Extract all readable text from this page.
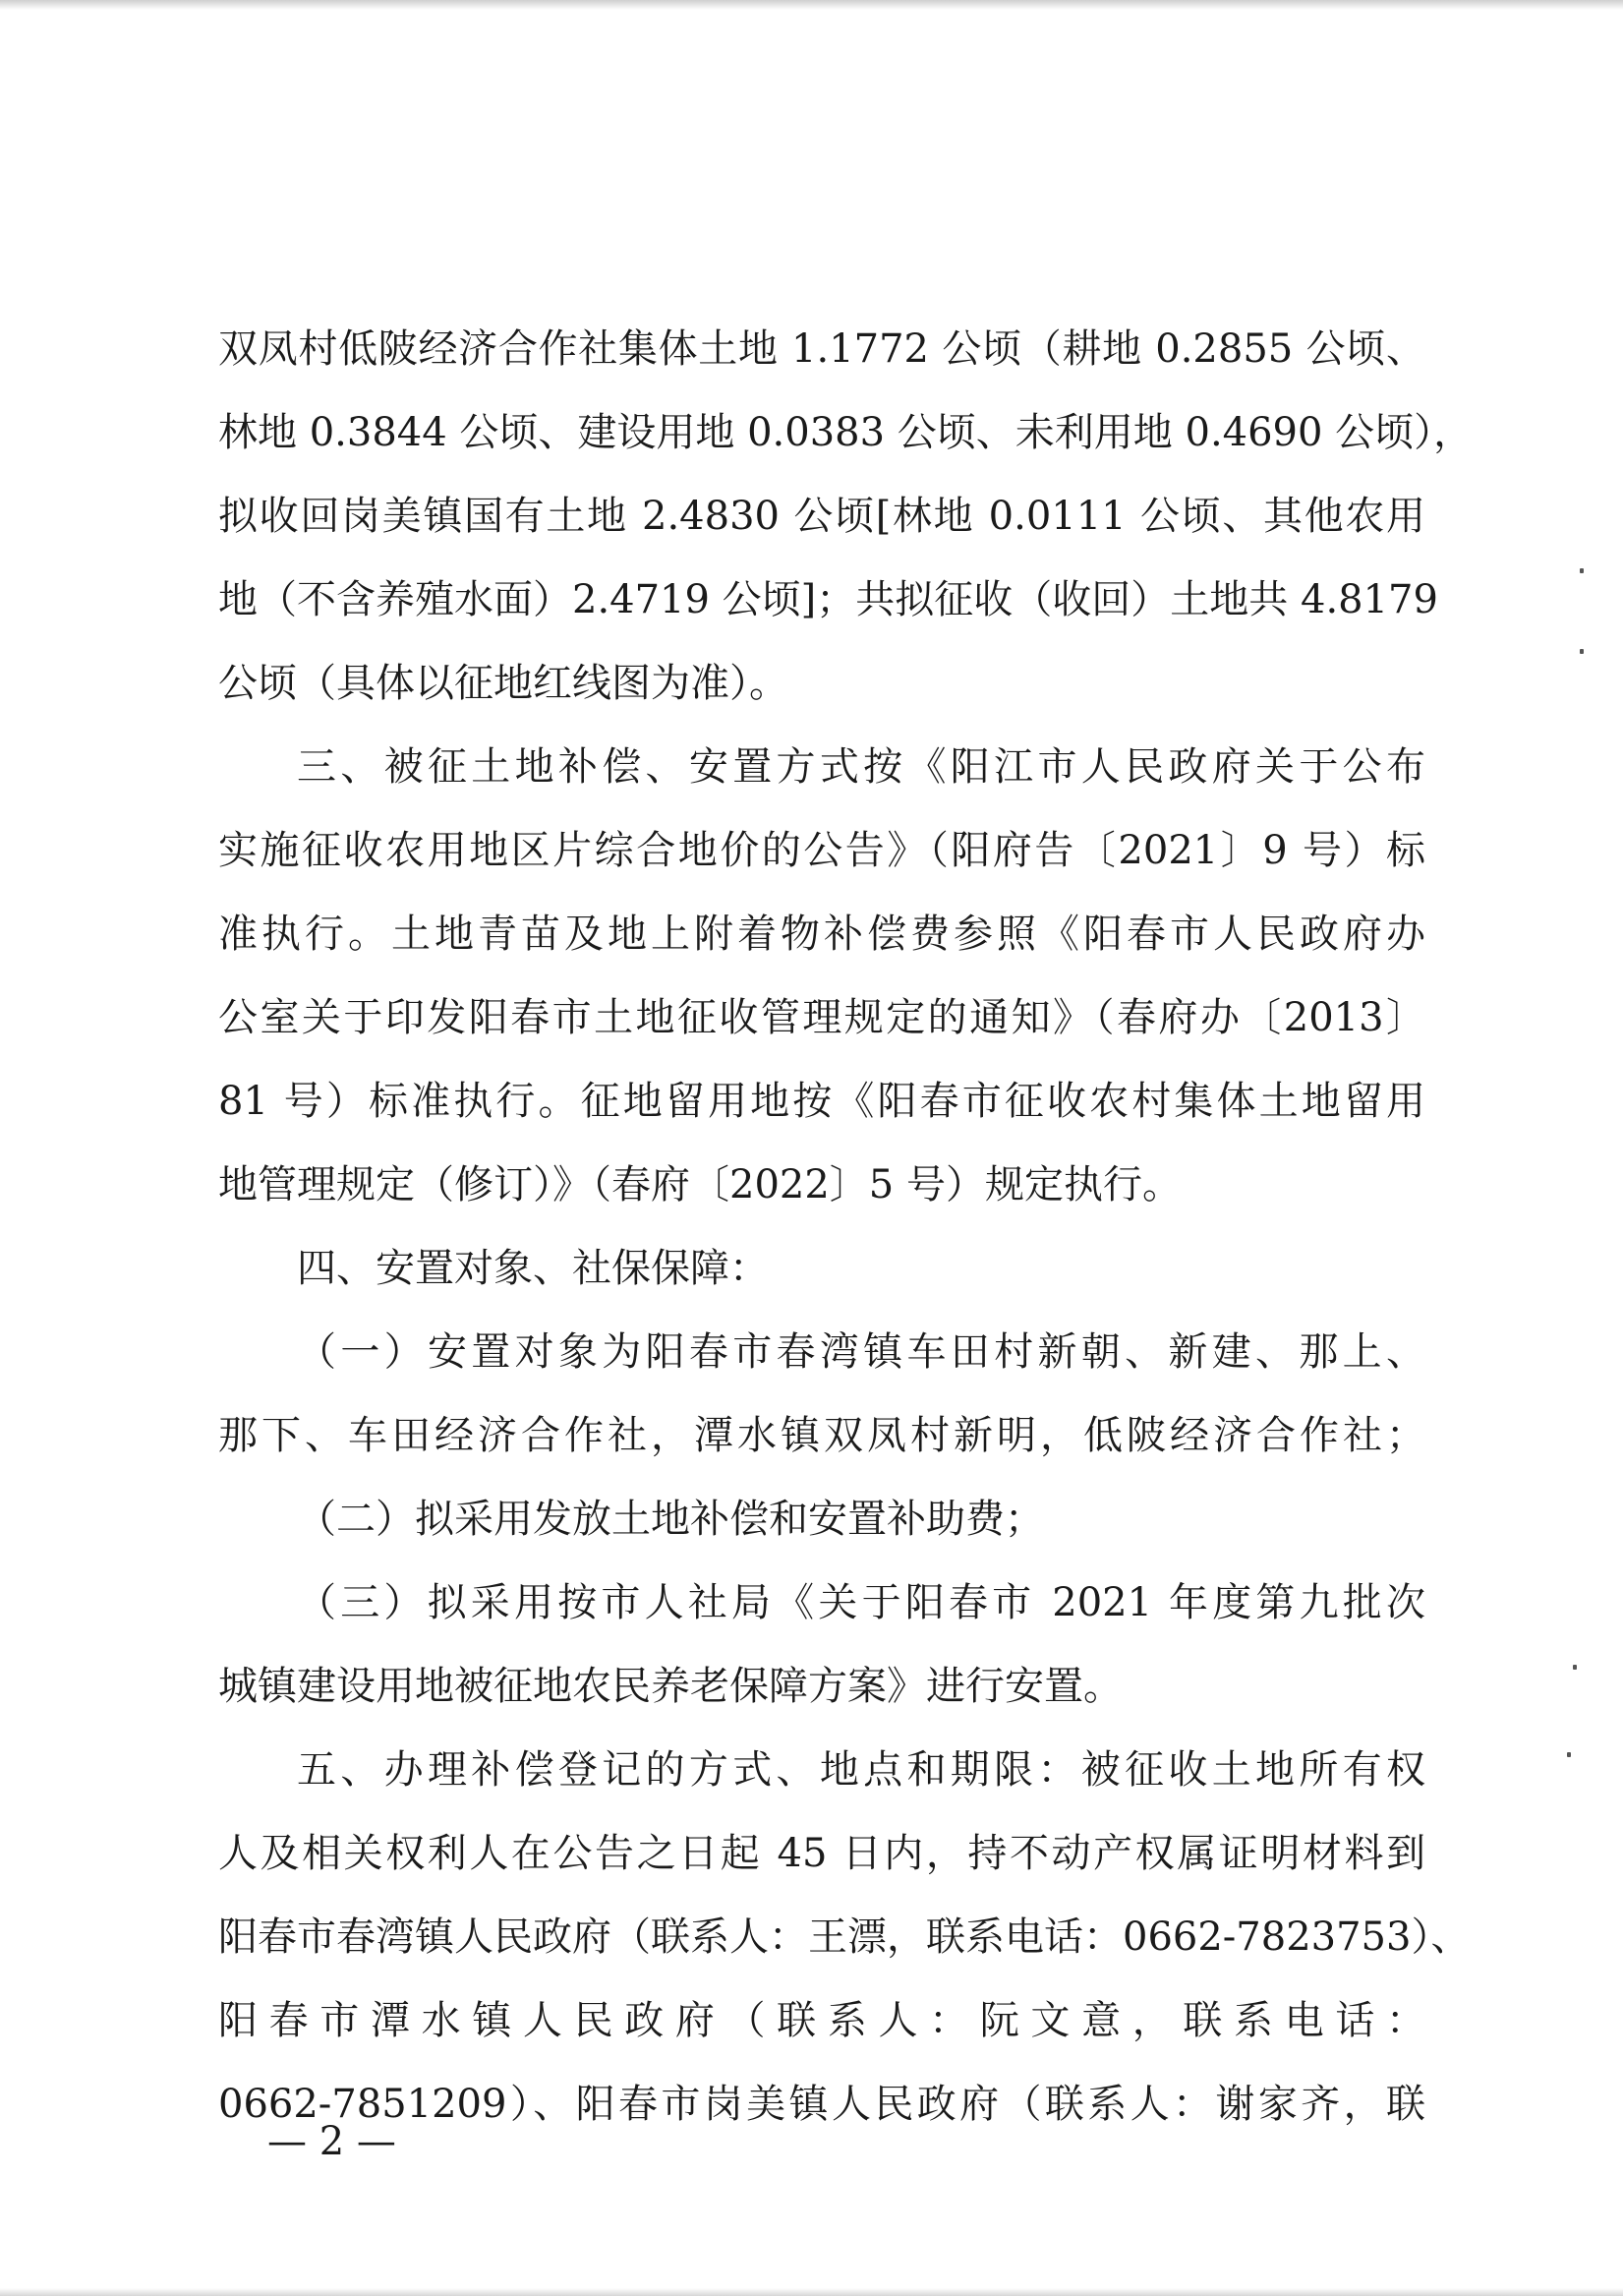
双凤村低陂经济合作社集体土地 1.1772 公顷（耕地 0.2855 公顷、
林地 0.3844 公顷、建设用地 0.0383 公顷、未利用地 0.4690 公顷），
拟收回岗美镇国有土地 2.4830 公顷[林地 0.0111 公顷、其他农用
地（不含养殖水面）2.4719 公顷]；共拟征收（收回）土地共 4.8179
公顷（具体以征地红线图为准）。
三、被征土地补偿、安置方式按《阳江市人民政府关于公布
实施征收农用地区片综合地价的公告》（阳府告〔2021〕9 号）标
准执行。土地青苗及地上附着物补偿费参照《阳春市人民政府办
公室关于印发阳春市土地征收管理规定的通知》（春府办〔2013〕
81 号）标准执行。征地留用地按《阳春市征收农村集体土地留用
地管理规定（修订）》（春府〔2022〕5 号）规定执行。
四、安置对象、社保保障：
（一）安置对象为阳春市春湾镇车田村新朝、新建、那上、
那下、车田经济合作社，潭水镇双凤村新明，低陂经济合作社；
（二）拟采用发放土地补偿和安置补助费；
（三）拟采用按市人社局《关于阳春市 2021 年度第九批次
城镇建设用地被征地农民养老保障方案》进行安置。
五、办理补偿登记的方式、地点和期限：被征收土地所有权
人及相关权利人在公告之日起 45 日内，持不动产权属证明材料到
阳春市春湾镇人民政府（联系人：王漂，联系电话：0662-7823753）、
阳春市潭水镇人民政府（联系人：阮文意，联系电话：
0662-7851209）、阳春市岗美镇人民政府（联系人：谢家齐，联
— 2 —
